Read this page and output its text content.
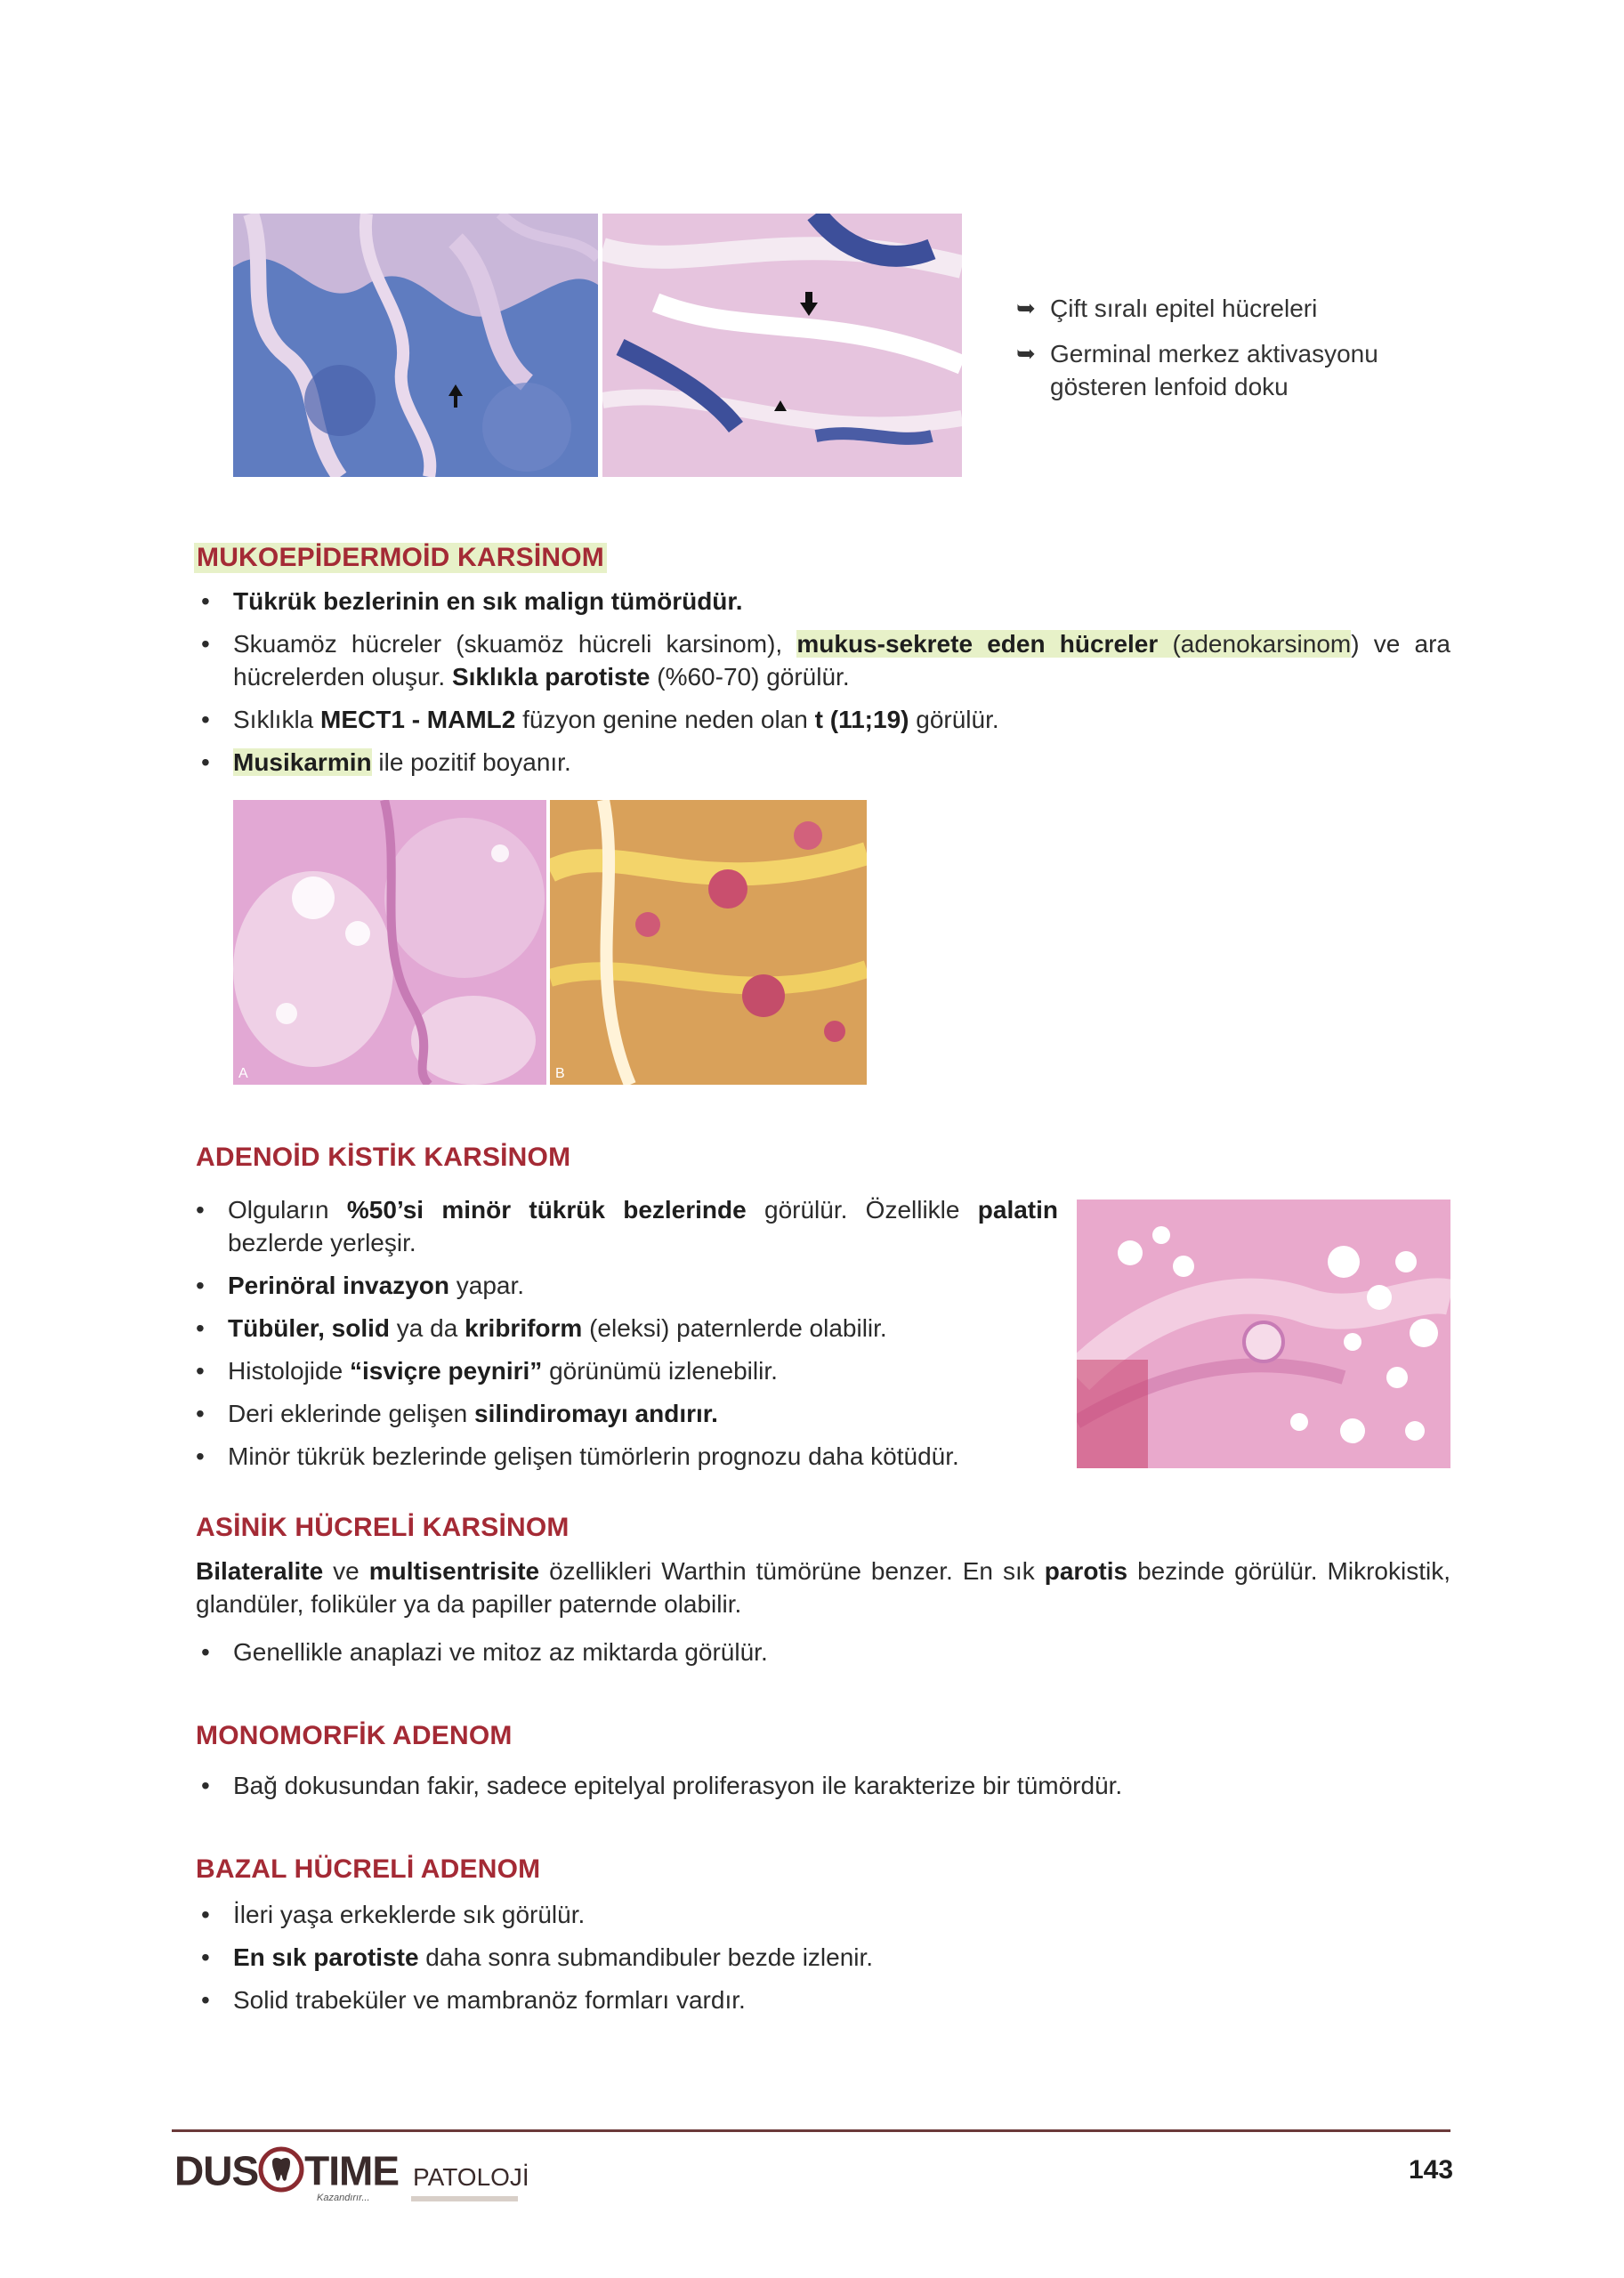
➥ Çift sıralı epitel hücreleri
➥ Germinal merkez aktivasyonu gösteren lenfoid doku
MUKOEPİDERMOİD KARSİNOM
• Tükrük bezlerinin en sık malign tümörüdür.
• Skuamöz hücreler (skuamöz hücreli karsinom), mukus-sekrete eden hücreler (adenokarsinom) ve ara hücrelerden oluşur. Sıklıkla parotiste (%60-70) görülür.
• Sıklıkla MECT1 - MAML2 füzyon genine neden olan t (11;19) görülür.
• Musikarmin ile pozitif boyanır.
A	B
ADENOİD KİSTİK KARSİNOM
• Olguların %50’si minör tükrük bezlerinde görülür. Özellikle palatin bezlerde yerleşir.
• Perinöral invazyon yapar.
• Tübüler, solid ya da kribriform (eleksi) paternlerde olabilir.
• Histolojide “isviçre peyniri” görünümü izlenebilir.
• Deri eklerinde gelişen silindiromayı andırır.
• Minör tükrük bezlerinde gelişen tümörlerin prognozu daha kötüdür.
ASİNİK HÜCRELİ KARSİNOM
Bilateralite ve multisentrisite özellikleri Warthin tümörüne benzer. En sık parotis bezinde görülür. Mikrokistik, glandüler, foliküler ya da papiller paternde olabilir.
• Genellikle anaplazi ve mitoz az miktarda görülür.
MONOMORFİK ADENOM
• Bağ dokusundan fakir, sadece epitelyal proliferasyon ile karakterize bir tümördür.
BAZAL HÜCRELİ ADENOM
• İleri yaşa erkeklerde sık görülür.
• En sık parotiste daha sonra submandibuler bezde izlenir.
• Solid trabeküler ve mambranöz formları vardır.
DUS TIME
Kazandırır...
PATOLOJİ	143
